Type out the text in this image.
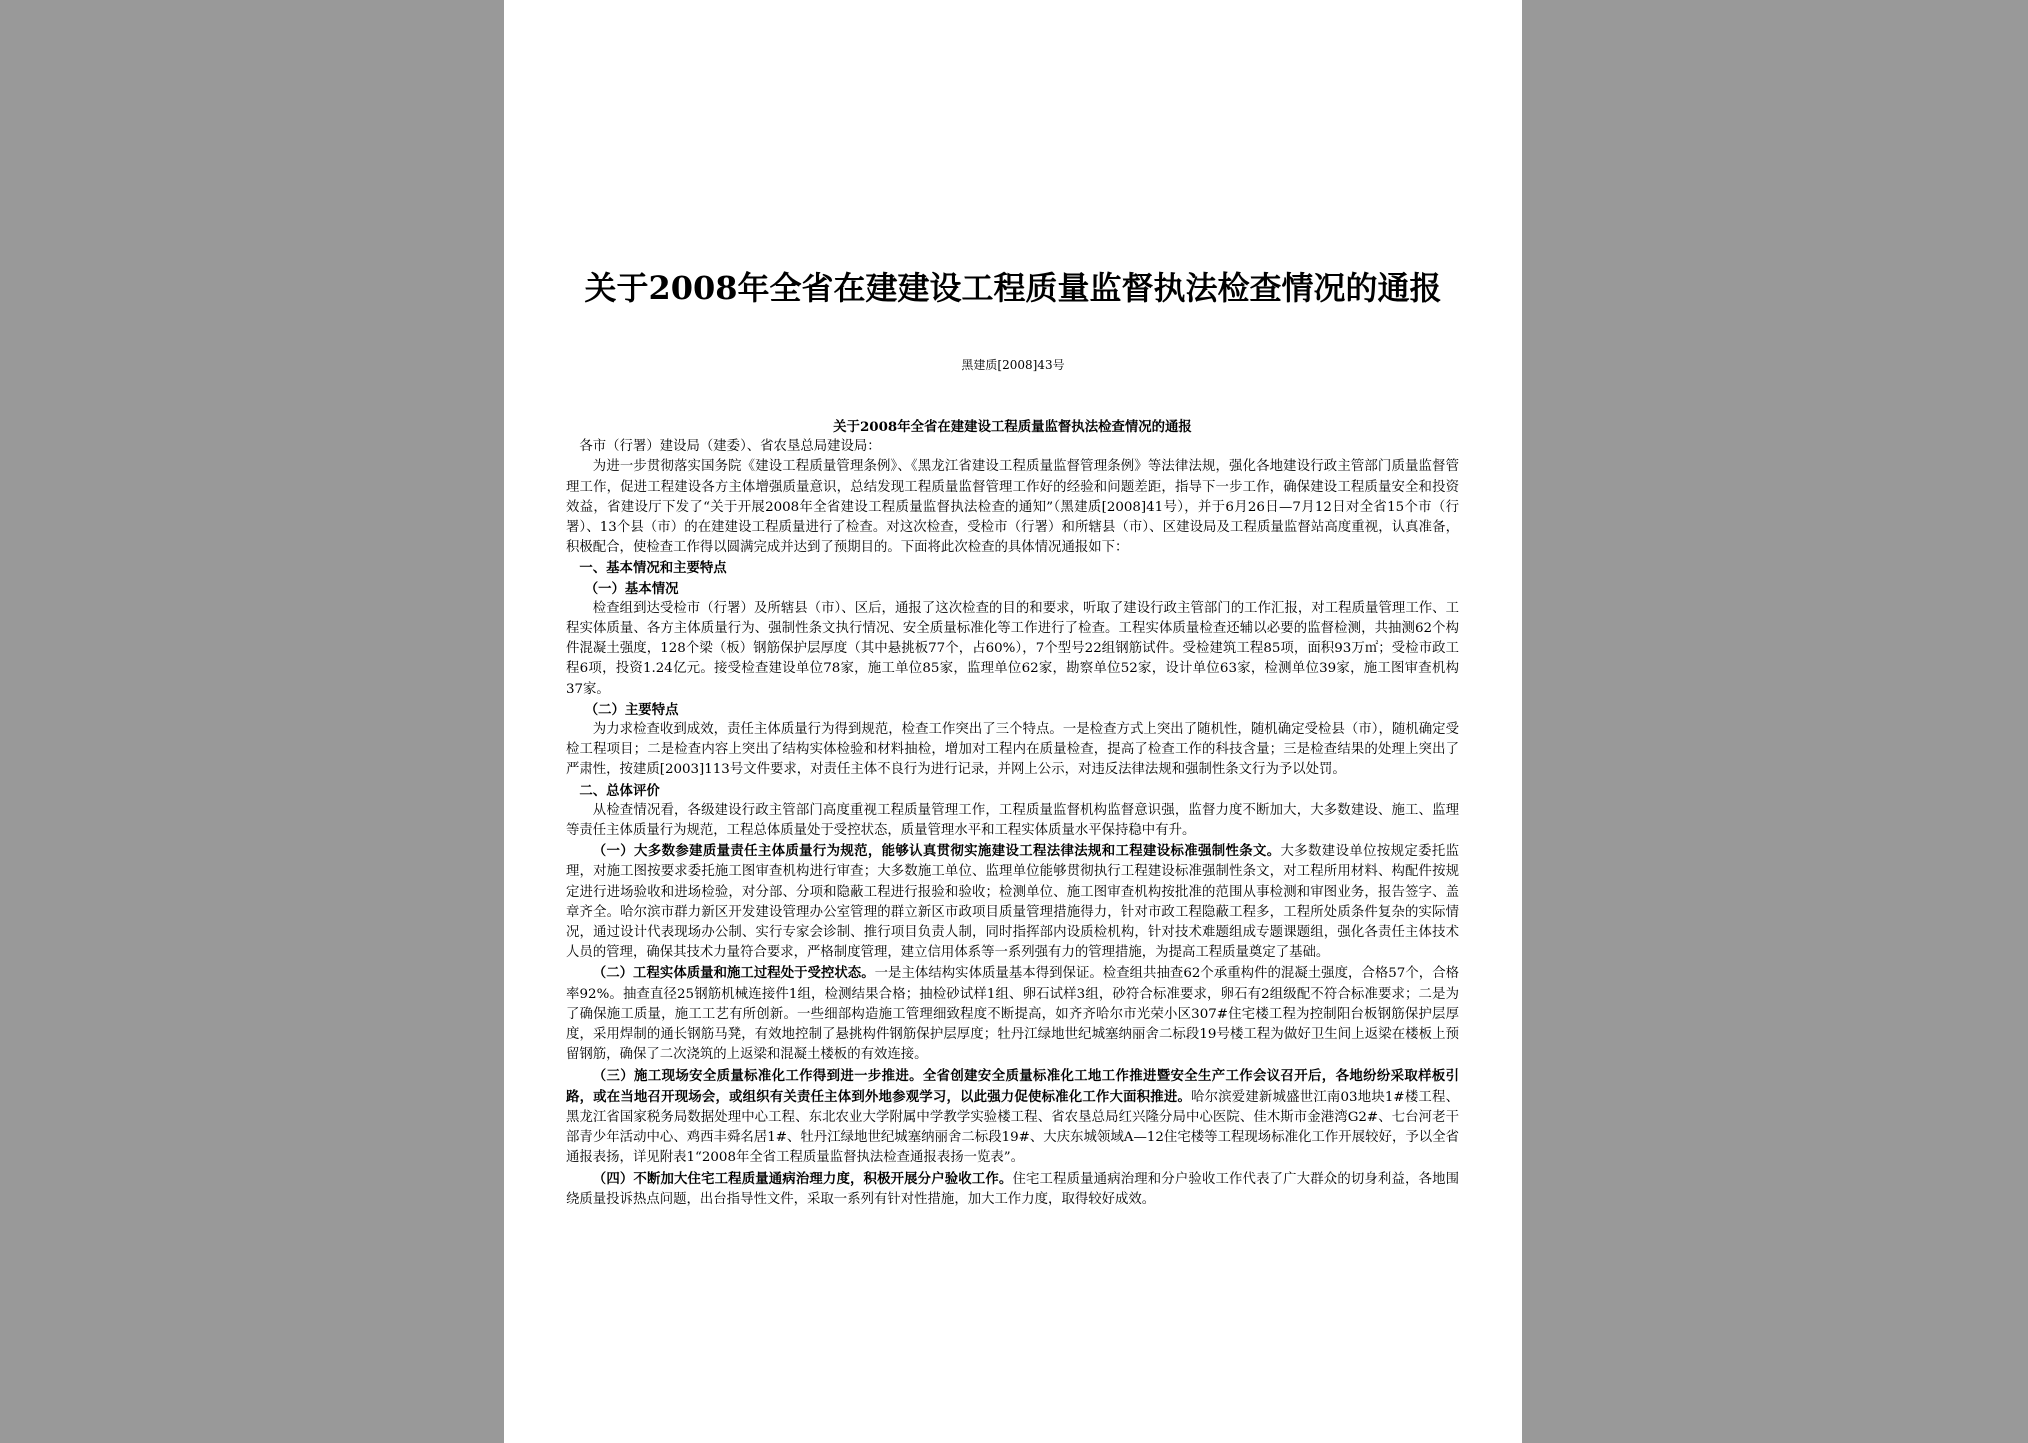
关于2008年全省在建建设工程质量监督执法检查情况的通报
黑建质[2008]43号

关于2008年全省在建建设工程质量监督执法检查情况的通报

各市（行署）建设局（建委）、省农垦总局建设局：

为进一步贯彻落实国务院《建设工程质量管理条例》、《黑龙江省建设工程质量监督管理条例》等法律法规，强化各地建设行政主管部门质量监督管理工作，促进工程建设各方主体增强质量意识，总结发现工程质量监督管理工作好的经验和问题差距，指导下一步工作，确保建设工程质量安全和投资效益，省建设厅下发了“关于开展2008年全省建设工程质量监督执法检查的通知”（黑建质[2008]41号），并于6月26日—7月12日对全省15个市（行署）、13个县（市）的在建建设工程质量进行了检查。对这次检查，受检市（行署）和所辖县（市）、区建设局及工程质量监督站高度重视，认真准备，积极配合，使检查工作得以圆满完成并达到了预期目的。下面将此次检查的具体情况通报如下：

一、基本情况和主要特点

（一）基本情况

检查组到达受检市（行署）及所辖县（市）、区后，通报了这次检查的目的和要求，听取了建设行政主管部门的工作汇报，对工程质量管理工作、工程实体质量、各方主体质量行为、强制性条文执行情况、安全质量标准化等工作进行了检查。工程实体质量检查还辅以必要的监督检测，共抽测62个构件混凝土强度，128个梁（板）钢筋保护层厚度（其中悬挑板77个，占60%），7个型号22组钢筋试件。受检建筑工程85项，面积93万㎡；受检市政工程6项，投资1.24亿元。接受检查建设单位78家，施工单位85家，监理单位62家，勘察单位52家，设计单位63家，检测单位39家，施工图审查机构37家。

（二）主要特点

为力求检查收到成效，责任主体质量行为得到规范，检查工作突出了三个特点。一是检查方式上突出了随机性，随机确定受检县（市），随机确定受检工程项目；二是检查内容上突出了结构实体检验和材料抽检，增加对工程内在质量检查，提高了检查工作的科技含量；三是检查结果的处理上突出了严肃性，按建质[2003]113号文件要求，对责任主体不良行为进行记录，并网上公示，对违反法律法规和强制性条文行为予以处罚。

二、总体评价

从检查情况看，各级建设行政主管部门高度重视工程质量管理工作，工程质量监督机构监督意识强，监督力度不断加大，大多数建设、施工、监理等责任主体质量行为规范，工程总体质量处于受控状态，质量管理水平和工程实体质量水平保持稳中有升。

（一）大多数参建质量责任主体质量行为规范，能够认真贯彻实施建设工程法律法规和工程建设标准强制性条文。大多数建设单位按规定委托监理，对施工图按要求委托施工图审查机构进行审查；大多数施工单位、监理单位能够贯彻执行工程建设标准强制性条文，对工程所用材料、构配件按规定进行进场验收和进场检验，对分部、分项和隐蔽工程进行报验和验收；检测单位、施工图审查机构按批准的范围从事检测和审图业务，报告签字、盖章齐全。哈尔滨市群力新区开发建设管理办公室管理的群立新区市政项目质量管理措施得力，针对市政工程隐蔽工程多，工程所处质条件复杂的实际情况，通过设计代表现场办公制、实行专家会诊制、推行项目负责人制，同时指挥部内设质检机构，针对技术难题组成专题课题组，强化各责任主体技术人员的管理，确保其技术力量符合要求，严格制度管理，建立信用体系等一系列强有力的管理措施，为提高工程质量奠定了基础。

（二）工程实体质量和施工过程处于受控状态。一是主体结构实体质量基本得到保证。检查组共抽查62个承重构件的混凝土强度，合格57个，合格率92%。抽查直径25钢筋机械连接件1组，检测结果合格；抽检砂试样1组、卵石试样3组，砂符合标准要求，卵石有2组级配不符合标准要求；二是为了确保施工质量，施工工艺有所创新。一些细部构造施工管理细致程度不断提高，如齐齐哈尔市光荣小区307#住宅楼工程为控制阳台板钢筋保护层厚度，采用焊制的通长钢筋马凳，有效地控制了悬挑构件钢筋保护层厚度；牡丹江绿地世纪城塞纳丽舍二标段19号楼工程为做好卫生间上返梁在楼板上预留钢筋，确保了二次浇筑的上返梁和混凝土楼板的有效连接。

（三）施工现场安全质量标准化工作得到进一步推进。全省创建安全质量标准化工地工作推进暨安全生产工作会议召开后，各地纷纷采取样板引路，或在当地召开现场会，或组织有关责任主体到外地参观学习，以此强力促使标准化工作大面积推进。哈尔滨爱建新城盛世江南03地块1#楼工程、黑龙江省国家税务局数据处理中心工程、东北农业大学附属中学教学实验楼工程、省农垦总局红兴隆分局中心医院、佳木斯市金港湾G2#、七台河老干部青少年活动中心、鸡西丰舜名居1#、牡丹江绿地世纪城塞纳丽舍二标段19#、大庆东城领域A—12住宅楼等工程现场标准化工作开展较好，予以全省通报表扬，详见附表1“2008年全省工程质量监督执法检查通报表扬一览表”。

（四）不断加大住宅工程质量通病治理力度，积极开展分户验收工作。住宅工程质量通病治理和分户验收工作代表了广大群众的切身利益，各地围绕质量投诉热点问题，出台指导性文件，采取一系列有针对性措施，加大工作力度，取得较好成效。
